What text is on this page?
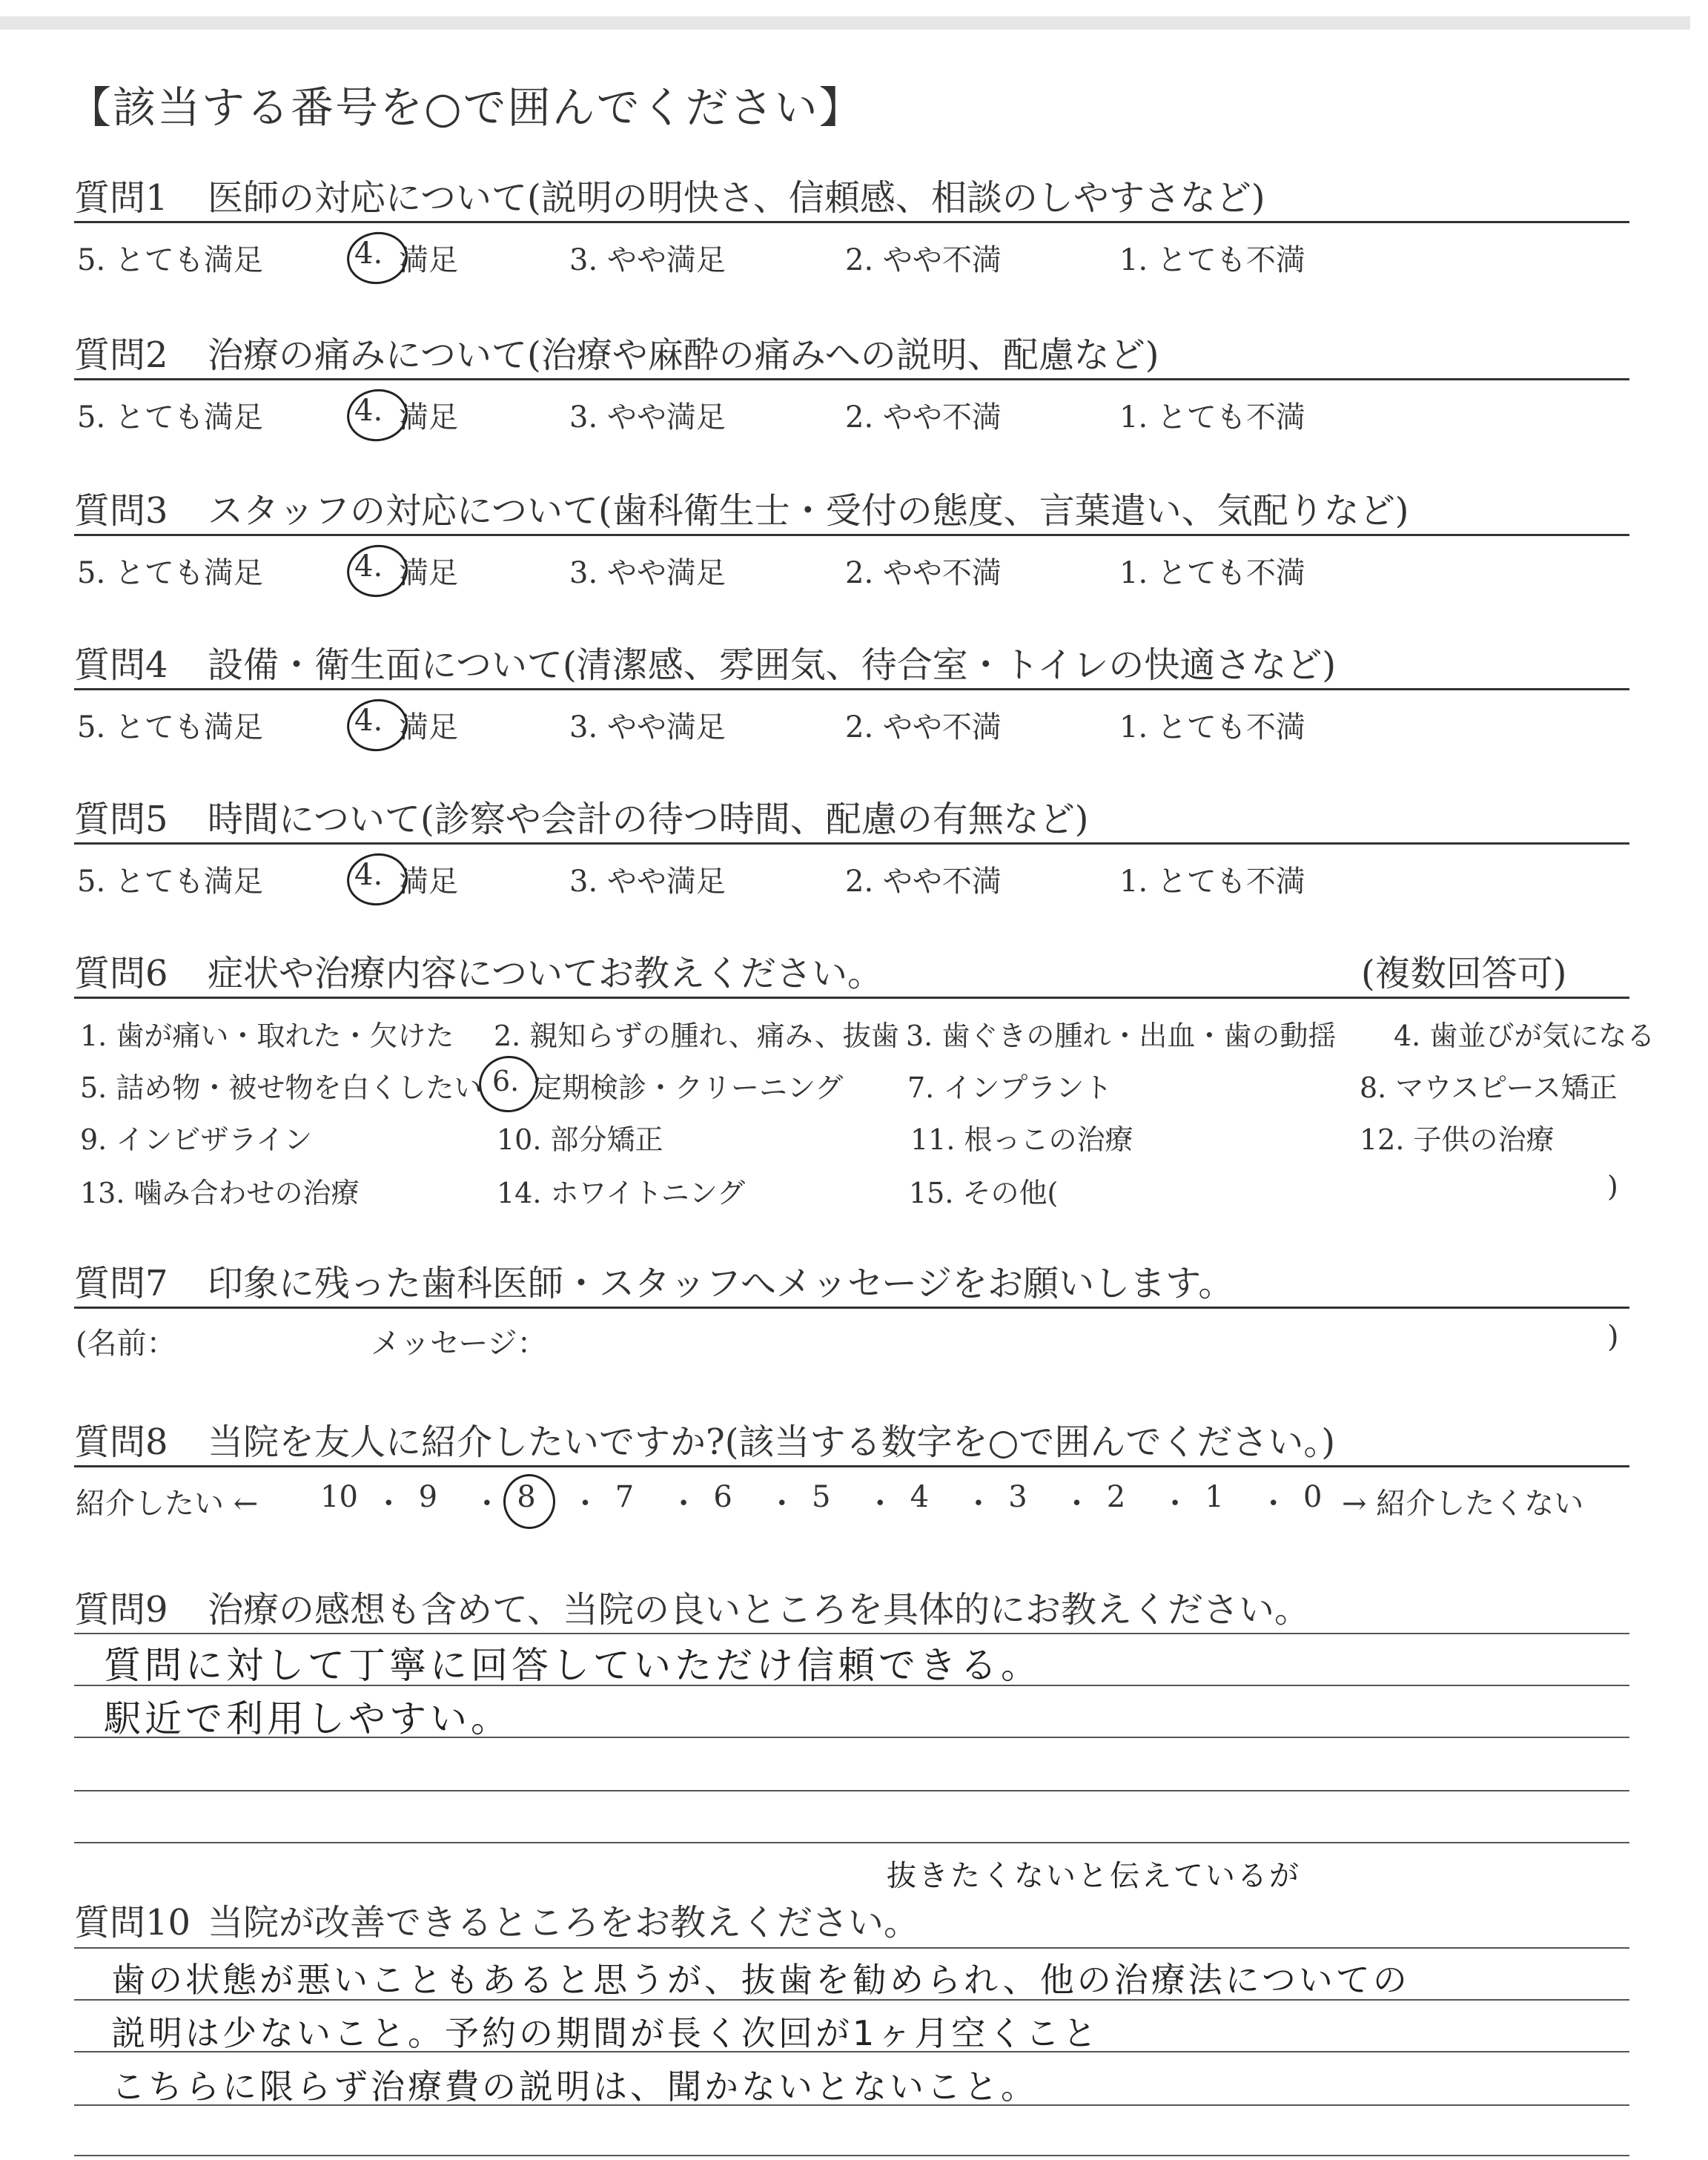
【該当する番号を○で囲んでください】
質問1 医師の対応について(説明の明快さ、信頼感、相談のしやすさなど)
5. とても満足	4. 満足	3. やや満足	2. やや不満	1. とても不満
質問2 治療の痛みについて(治療や麻酔の痛みへの説明、配慮など)
5. とても満足	4. 満足	3. やや満足	2. やや不満	1. とても不満
質問3 スタッフの対応について(歯科衛生士・受付の態度、言葉遣い、気配りなど)
5. とても満足	4. 満足	3. やや満足	2. やや不満	1. とても不満
質問4 設備・衛生面について(清潔感、雰囲気、待合室・トイレの快適さなど)
5. とても満足	4. 満足	3. やや満足	2. やや不満	1. とても不満
質問5 時間について(診察や会計の待つ時間、配慮の有無など)
5. とても満足	4. 満足	3. やや満足	2. やや不満	1. とても不満
質問6 症状や治療内容についてお教えください。	(複数回答可)
1. 歯が痛い・取れた・欠けた 2. 親知らずの腫れ、痛み、抜歯 3. 歯ぐきの腫れ・出血・歯の動揺 4. 歯並びが気になる
5. 詰め物・被せ物を白くしたい 6. 定期検診・クリーニング 7. インプラント	8. マウスピース矯正
9. インビザライン	10. 部分矯正	11. 根っこの治療	12. 子供の治療
13. 噛み合わせの治療	14. ホワイトニング	15. その他(	)
質問7 印象に残った歯科医師・スタッフへメッセージをお願いします。
(名前：	メッセージ：	)
質問8 当院を友人に紹介したいですか?(該当する数字を○で囲んでください。)
紹介したい ←	→ 紹介したくない
10 ・ 9 ・ 8 ・ 7 ・ 6 ・ 5 ・ 4 ・ 3 ・ 2 ・ 1 ・ 0
質問9 治療の感想も含めて、当院の良いところを具体的にお教えください。
質問に対して丁寧に回答していただけ信頼できる。
駅近で利用しやすい。
質問10 当院が改善できるところをお教えください。
抜きたくないと伝えているが
歯の状態が悪いこともあると思うが、抜歯を勧められ、他の治療法についての
説明は少ないこと。予約の期間が長く次回が1ヶ月空くこと
こちらに限らず治療費の説明は、聞かないとないこと。
